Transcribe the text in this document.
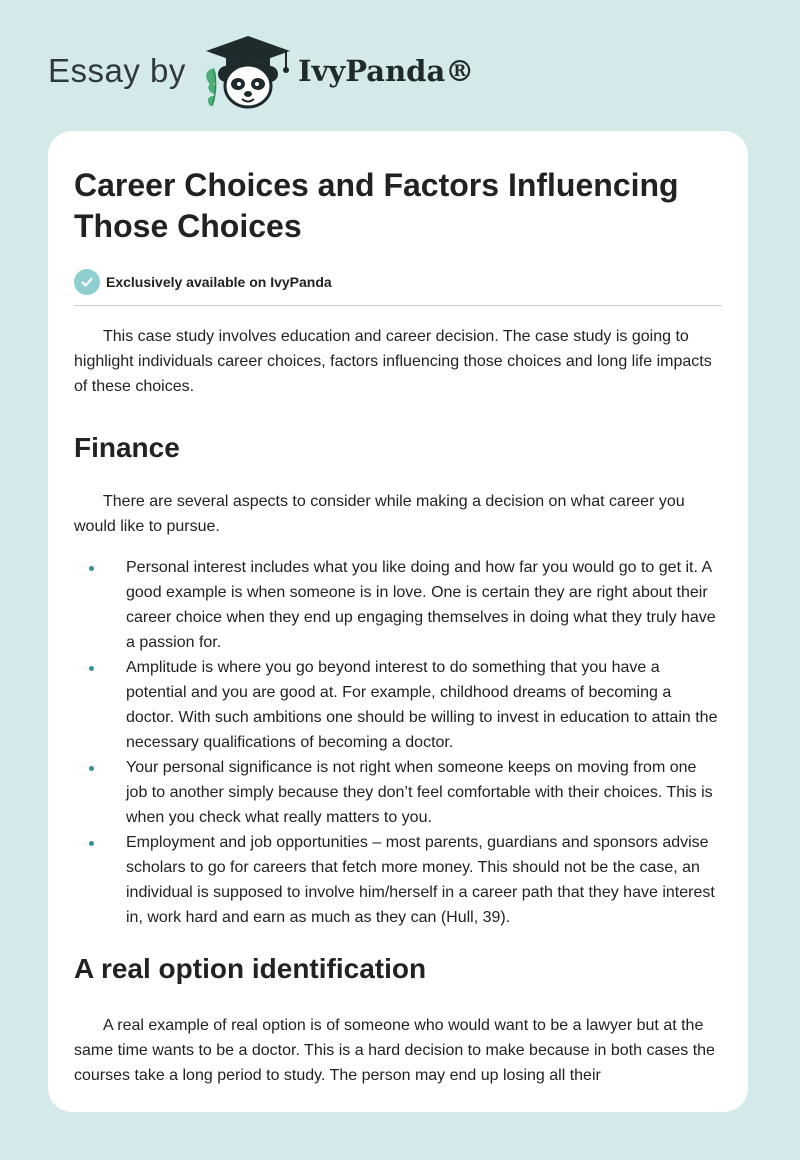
Essay by	IvyPanda®
Career Choices and Factors Influencing Those Choices
Exclusively available on IvyPanda

This case study involves education and career decision. The case study is going to highlight individuals career choices, factors influencing those choices and long life impacts of these choices.

Finance

There are several aspects to consider while making a decision on what career you would like to pursue.

Personal interest includes what you like doing and how far you would go to get it. A good example is when someone is in love. One is certain they are right about their career choice when they end up engaging themselves in doing what they truly have a passion for.
Amplitude is where you go beyond interest to do something that you have a potential and you are good at. For example, childhood dreams of becoming a doctor. With such ambitions one should be willing to invest in education to attain the necessary qualifications of becoming a doctor.
Your personal significance is not right when someone keeps on moving from one job to another simply because they don’t feel comfortable with their choices. This is when you check what really matters to you.
Employment and job opportunities – most parents, guardians and sponsors advise scholars to go for careers that fetch more money. This should not be the case, an individual is supposed to involve him/herself in a career path that they have interest in, work hard and earn as much as they can (Hull, 39).
A real option identification

A real example of real option is of someone who would want to be a lawyer but at the same time wants to be a doctor. This is a hard decision to make because in both cases the courses take a long period to study. The person may end up losing all their
